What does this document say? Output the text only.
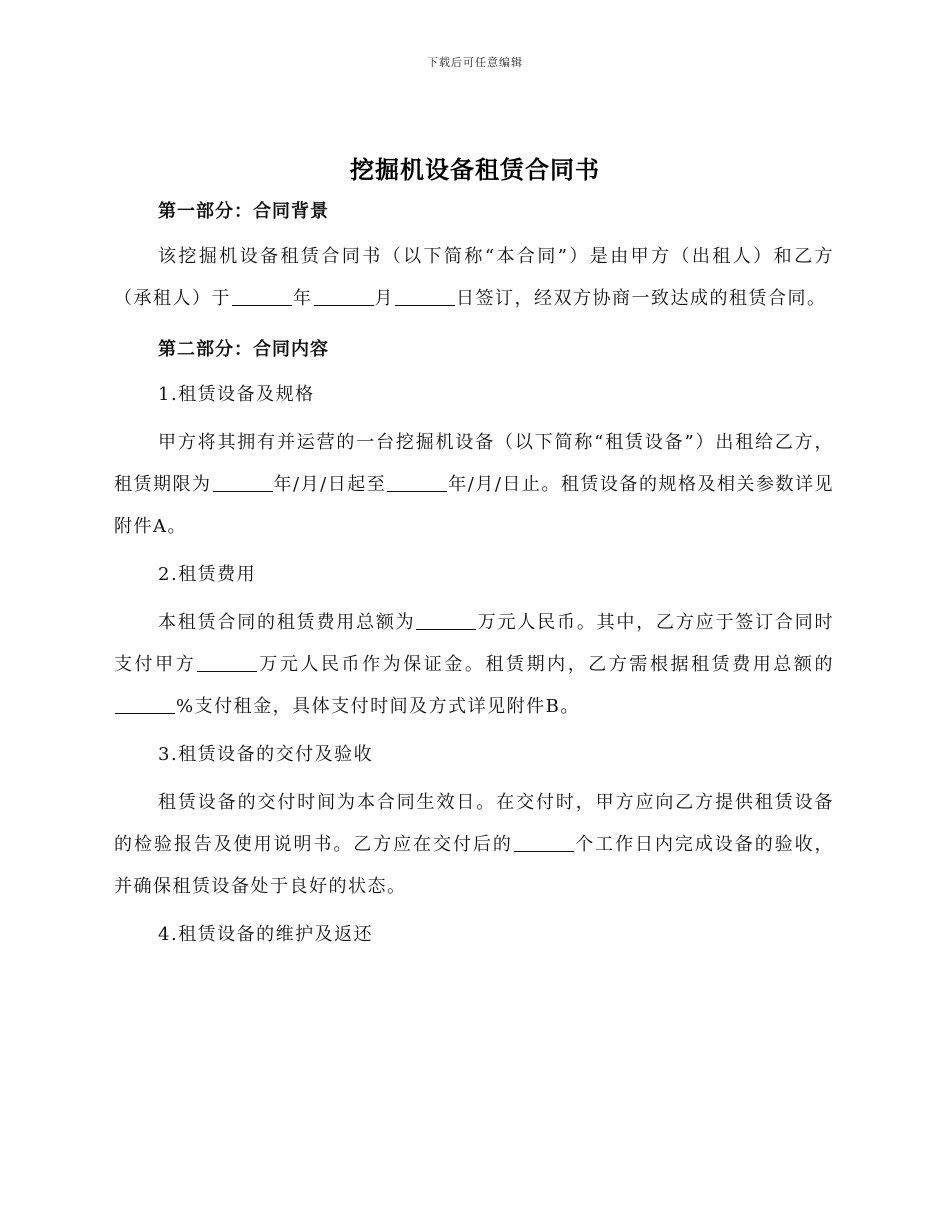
下载后可任意编辑
挖掘机设备租赁合同书

第一部分：合同背景

该挖掘机设备租赁合同书（以下简称“本合同”）是由甲方（出租人）和乙方（承租人）于	年	月	日签订，经双方协商一致达成的租赁合同。

第二部分：合同内容

1.租赁设备及规格

甲方将其拥有并运营的一台挖掘机设备（以下简称“租赁设备”）出租给乙方，租赁期限为	年/月/日起至	年/月/日止。租赁设备的规格及相关参数详见附件A。

2.租赁费用

本租赁合同的租赁费用总额为	万元人民币。其中，乙方应于签订合同时支付甲方	万元人民币作为保证金。租赁期内，乙方需根据租赁费用总额的%支付租金，具体支付时间及方式详见附件B。

3.租赁设备的交付及验收

租赁设备的交付时间为本合同生效日。在交付时，甲方应向乙方提供租赁设备的检验报告及使用说明书。乙方应在交付后的	个工作日内完成设备的验收，并确保租赁设备处于良好的状态。

4.租赁设备的维护及返还
